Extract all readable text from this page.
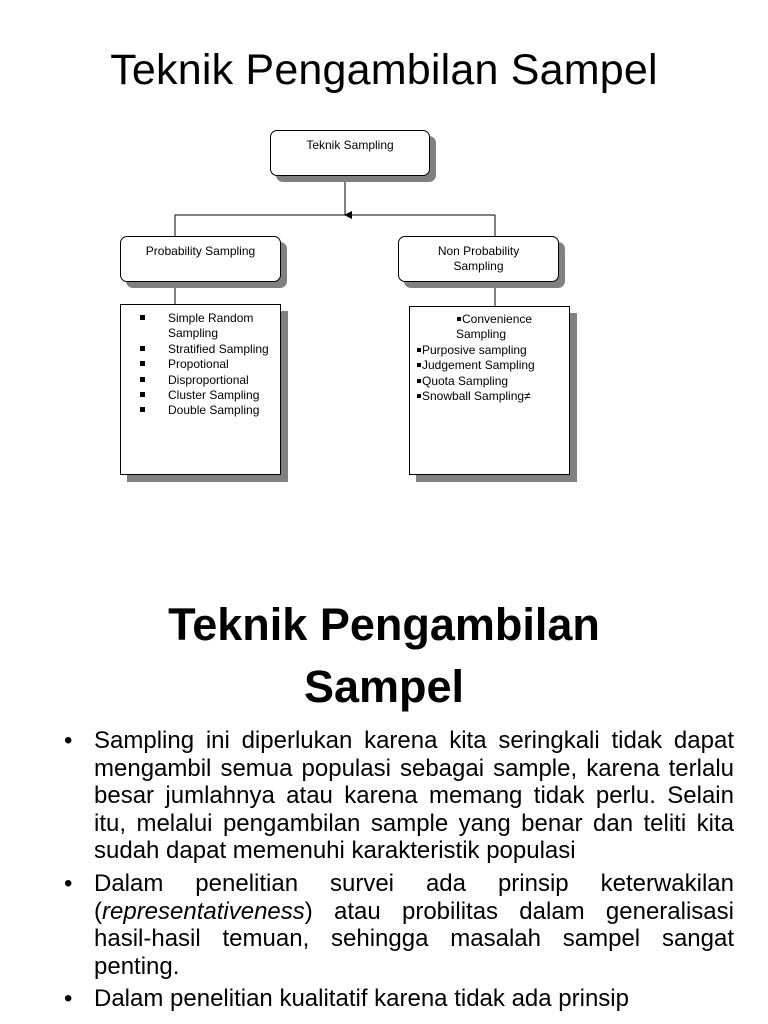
Teknik Pengambilan Sampel
Teknik Sampling
Probability Sampling	Non Probability
Sampling
Simple Random Sampling
Stratified Sampling
Propotional
Disproportional
Cluster Sampling
Double Sampling
Convenience
Sampling
Purposive sampling
Judgement Sampling
Quota Sampling
Snowball Sampling≠
Teknik Pengambilan
Sampel
• Sampling ini diperlukan karena kita seringkali tidak dapat mengambil semua populasi sebagai sample, karena terlalu besar jumlahnya atau karena memang tidak perlu. Selain itu, melalui pengambilan sample yang benar dan teliti kita sudah dapat memenuhi karakteristik populasi

• Dalam penelitian survei ada prinsip keterwakilan (representativeness) atau probilitas dalam generalisasi hasil-hasil temuan, sehingga masalah sampel sangat penting.

• Dalam penelitian kualitatif karena tidak ada prinsip
